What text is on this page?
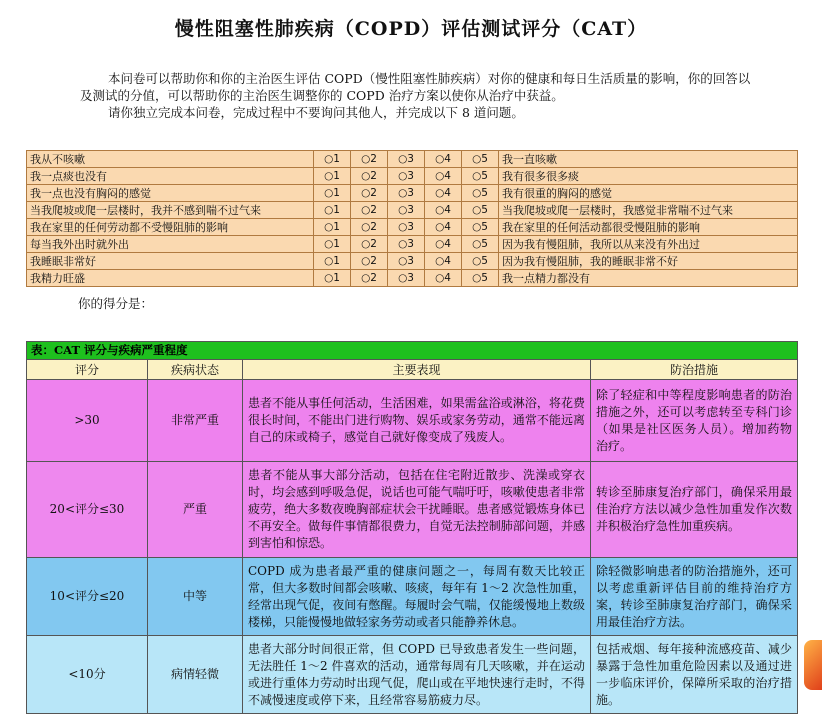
慢性阻塞性肺疾病（COPD）评估测试评分（CAT）

本问卷可以帮助你和你的主治医生评估 COPD（慢性阻塞性肺疾病）对你的健康和每日生活质量的影响，你的回答以及测试的分值，可以帮助你的主治医生调整你的 COPD 治疗方案以使你从治疗中获益。

请你独立完成本问卷，完成过程中不要询问其他人，并完成以下 8 道问题。

我从不咳嗽	○1	○2	○3	○4	○5	我一直咳嗽
我一点痰也没有	○1	○2	○3	○4	○5	我有很多很多痰
我一点也没有胸闷的感觉	○1	○2	○3	○4	○5	我有很重的胸闷的感觉
当我爬坡或爬一层楼时，我并不感到喘不过气来	○1	○2	○3	○4	○5	当我爬坡或爬一层楼时，我感觉非常喘不过气来
我在家里的任何劳动都不受慢阻肺的影响	○1	○2	○3	○4	○5	我在家里的任何活动都很受慢阻肺的影响
每当我外出时就外出	○1	○2	○3	○4	○5	因为我有慢阻肺，我所以从来没有外出过
我睡眠非常好	○1	○2	○3	○4	○5	因为我有慢阻肺，我的睡眠非常不好
我精力旺盛	○1	○2	○3	○4	○5	我一点精力都没有
你的得分是：
表：CAT 评分与疾病严重程度			
评分	疾病状态	主要表现	防治措施
>30	非常严重	患者不能从事任何活动，生活困难，如果需盆浴或淋浴，将花费很长时间，不能出门进行购物、娱乐或家务劳动，通常不能远离自己的床或椅子，感觉自己就好像变成了残废人。	除了轻症和中等程度影响患者的防治措施之外，还可以考虑转至专科门诊（如果是社区医务人员）。增加药物治疗。
20<评分≤30	严重	患者不能从事大部分活动，包括在住宅附近散步、洗澡或穿衣时，均会感到呼吸急促，说话也可能气喘吁吁，咳嗽使患者非常疲劳，绝大多数夜晚胸部症状会干扰睡眠。患者感觉锻炼身体已不再安全。做每件事情都很费力，自觉无法控制肺部问题，并感到害怕和惊恐。	转诊至肺康复治疗部门，确保采用最佳治疗方法以减少急性加重发作次数并积极治疗急性加重疾病。
10<评分≤20	中等	COPD 成为患者最严重的健康问题之一，每周有数天比较正常，但大多数时间都会咳嗽、咳痰，每年有 1～2 次急性加重，经常出现气促，夜间有憋醒。每履时会气喘，仅能缓慢地上数级楼梯，只能慢慢地做轻家务劳动或者只能静养休息。	除轻微影响患者的防治措施外，还可以考虑重新评估目前的维持治疗方案，转诊至肺康复治疗部门，确保采用最佳治疗方法。
<10分	病情轻微	患者大部分时间很正常，但 COPD 已导致患者发生一些问题，无法胜任 1～2 件喜欢的活动，通常每周有几天咳嗽，并在运动或进行重体力劳动时出现气促，爬山或在平地快速行走时，不得不减慢速度或停下来，且经常容易筋疲力尽。	包括戒烟、每年接种流感疫苗、减少暴露于急性加重危险因素以及通过进一步临床评价，保障所采取的治疗措施。
